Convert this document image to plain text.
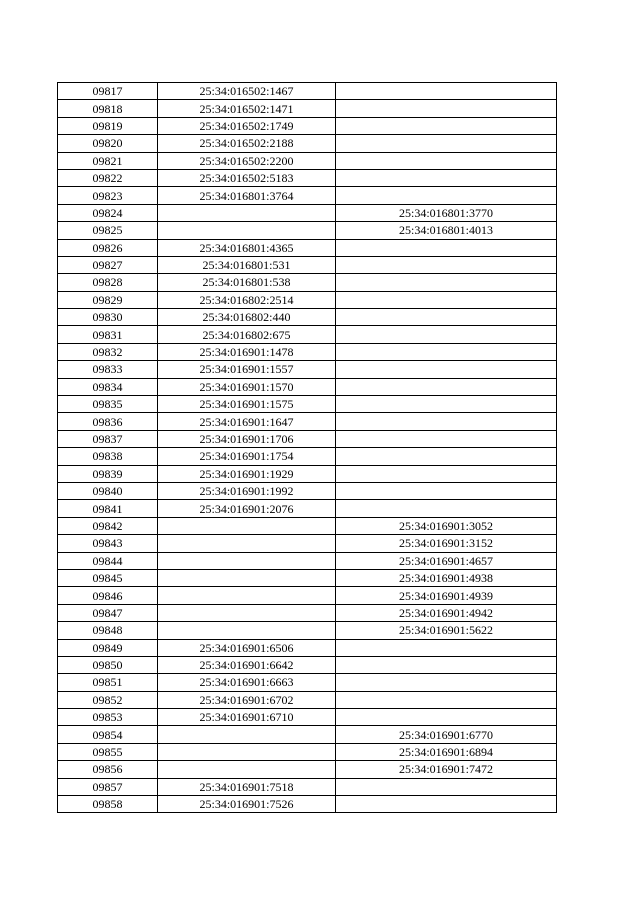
09817	25:34:016502:1467	
09818	25:34:016502:1471	
09819	25:34:016502:1749	
09820	25:34:016502:2188	
09821	25:34:016502:2200	
09822	25:34:016502:5183	
09823	25:34:016801:3764	
09824		25:34:016801:3770
09825		25:34:016801:4013
09826	25:34:016801:4365	
09827	25:34:016801:531	
09828	25:34:016801:538	
09829	25:34:016802:2514	
09830	25:34:016802:440	
09831	25:34:016802:675	
09832	25:34:016901:1478	
09833	25:34:016901:1557	
09834	25:34:016901:1570	
09835	25:34:016901:1575	
09836	25:34:016901:1647	
09837	25:34:016901:1706	
09838	25:34:016901:1754	
09839	25:34:016901:1929	
09840	25:34:016901:1992	
09841	25:34:016901:2076	
09842		25:34:016901:3052
09843		25:34:016901:3152
09844		25:34:016901:4657
09845		25:34:016901:4938
09846		25:34:016901:4939
09847		25:34:016901:4942
09848		25:34:016901:5622
09849	25:34:016901:6506	
09850	25:34:016901:6642	
09851	25:34:016901:6663	
09852	25:34:016901:6702	
09853	25:34:016901:6710	
09854		25:34:016901:6770
09855		25:34:016901:6894
09856		25:34:016901:7472
09857	25:34:016901:7518	
09858	25:34:016901:7526	
